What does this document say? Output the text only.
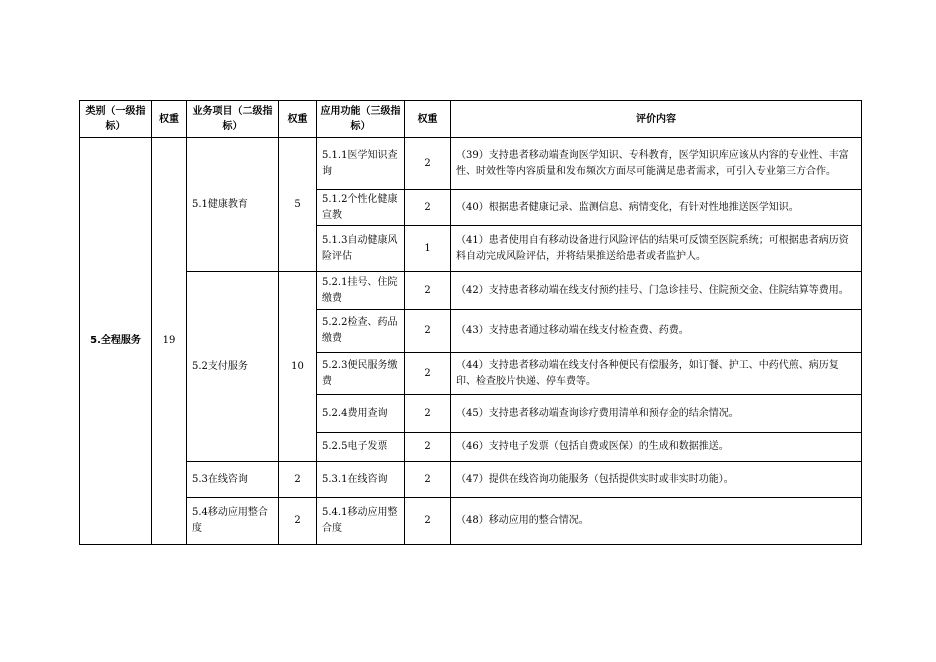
类别（一级指标）	权重	业务项目（二级指标）	权重	应用功能（三级指标）	权重	评价内容
5.全程服务	19	5.1健康教育	5	5.1.1医学知识查询	2	（39）支持患者移动端查询医学知识、专科教育，医学知识库应该从内容的专业性、丰富性、时效性等内容质量和发布频次方面尽可能满足患者需求，可引入专业第三方合作。
				5.1.2个性化健康宣教	2	（40）根据患者健康记录、监测信息、病情变化，有针对性地推送医学知识。
				5.1.3自动健康风险评估	1	（41）患者使用自有移动设备进行风险评估的结果可反馈至医院系统；可根据患者病历资料自动完成风险评估，并将结果推送给患者或者监护人。
		5.2支付服务	10	5.2.1挂号、住院缴费	2	（42）支持患者移动端在线支付预约挂号、门急诊挂号、住院预交金、住院结算等费用。
				5.2.2检查、药品缴费	2	（43）支持患者通过移动端在线支付检查费、药费。
				5.2.3便民服务缴费	2	（44）支持患者移动端在线支付各种便民有偿服务，如订餐、护工、中药代煎、病历复印、检查胶片快递、停车费等。
				5.2.4费用查询	2	（45）支持患者移动端查询诊疗费用清单和预存金的结余情况。
				5.2.5电子发票	2	（46）支持电子发票（包括自费或医保）的生成和数据推送。
		5.3在线咨询	2	5.3.1在线咨询	2	（47）提供在线咨询功能服务（包括提供实时或非实时功能）。
		5.4移动应用整合度	2	5.4.1移动应用整合度	2	（48）移动应用的整合情况。
